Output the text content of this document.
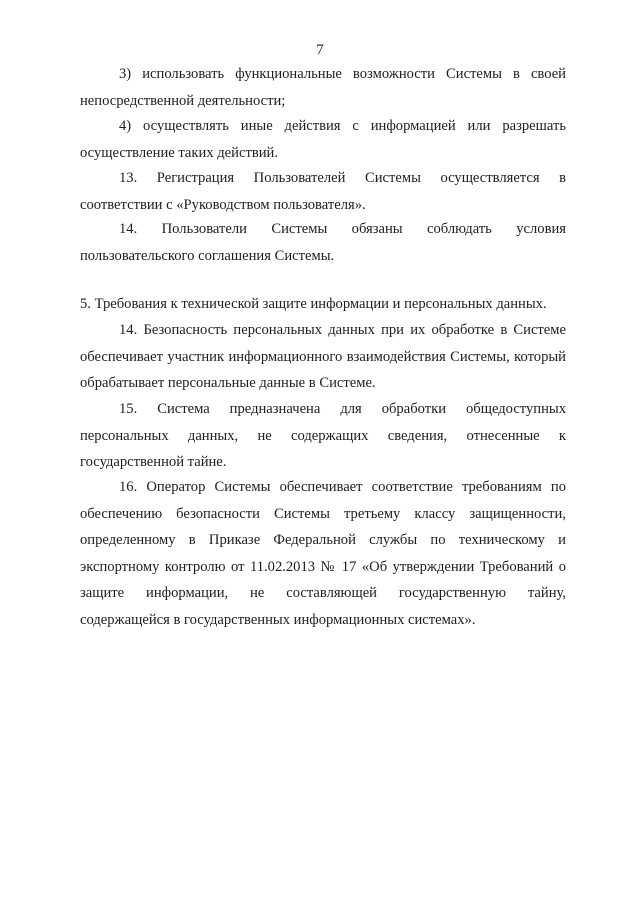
7

3) использовать функциональные возможности Системы в своей непосредственной деятельности;

4) осуществлять иные действия с информацией или разрешать осуществление таких действий.

13. Регистрация Пользователей Системы осуществляется в соответствии с «Руководством пользователя».

14. Пользователи Системы обязаны соблюдать условия пользовательского соглашения Системы.

5. Требования к технической защите информации и персональных данных.

14. Безопасность персональных данных при их обработке в Системе обеспечивает участник информационного взаимодействия Системы, который обрабатывает персональные данные в Системе.

15. Система предназначена для обработки общедоступных персональных данных, не содержащих сведения, отнесенные к государственной тайне.

16. Оператор Системы обеспечивает соответствие требованиям по обеспечению безопасности Системы третьему классу защищенности, определенному в Приказе Федеральной службы по техническому и экспортному контролю от 11.02.2013 № 17 «Об утверждении Требований о защите информации, не составляющей государственную тайну, содержащейся в государственных информационных системах».
